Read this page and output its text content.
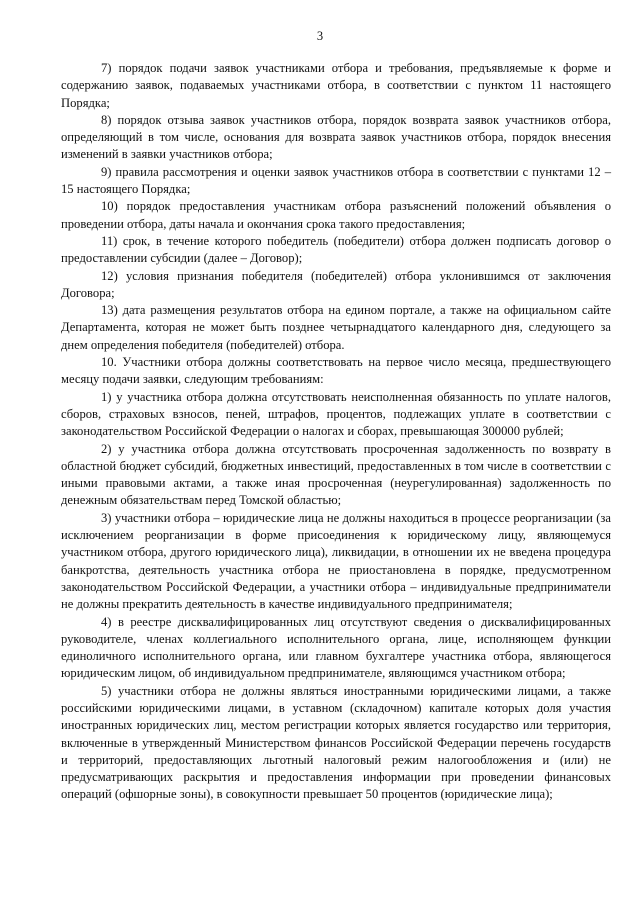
3

7) порядок подачи заявок участниками отбора и требования, предъявляемые к форме и содержанию заявок, подаваемых участниками отбора, в соответствии с пунктом 11 настоящего Порядка;

8) порядок отзыва заявок участников отбора, порядок возврата заявок участников отбора, определяющий в том числе, основания для возврата заявок участников отбора, порядок внесения изменений в заявки участников отбора;

9) правила рассмотрения и оценки заявок участников отбора в соответствии с пунктами 12 – 15 настоящего Порядка;

10) порядок предоставления участникам отбора разъяснений положений объявления о проведении отбора, даты начала и окончания срока такого предоставления;

11) срок, в течение которого победитель (победители) отбора должен подписать договор о предоставлении субсидии (далее – Договор);

12) условия признания победителя (победителей) отбора уклонившимся от заключения Договора;

13) дата размещения результатов отбора на едином портале, а также на официальном сайте Департамента, которая не может быть позднее четырнадцатого календарного дня, следующего за днем определения победителя (победителей) отбора.

10. Участники отбора должны соответствовать на первое число месяца, предшествующего месяцу подачи заявки, следующим требованиям:

1) у участника отбора должна отсутствовать неисполненная обязанность по уплате налогов, сборов, страховых взносов, пеней, штрафов, процентов, подлежащих уплате в соответствии с законодательством Российской Федерации о налогах и сборах, превышающая 300000 рублей;

2) у участника отбора должна отсутствовать просроченная задолженность по возврату в областной бюджет субсидий, бюджетных инвестиций, предоставленных в том числе в соответствии с иными правовыми актами, а также иная просроченная (неурегулированная) задолженность по денежным обязательствам перед Томской областью;

3) участники отбора – юридические лица не должны находиться в процессе реорганизации (за исключением реорганизации в форме присоединения к юридическому лицу, являющемуся участником отбора, другого юридического лица), ликвидации, в отношении их не введена процедура банкротства, деятельность участника отбора не приостановлена в порядке, предусмотренном законодательством Российской Федерации, а участники отбора – индивидуальные предприниматели не должны прекратить деятельность в качестве индивидуального предпринимателя;

4) в реестре дисквалифицированных лиц отсутствуют сведения о дисквалифицированных руководителе, членах коллегиального исполнительного органа, лице, исполняющем функции единоличного исполнительного органа, или главном бухгалтере участника отбора, являющегося юридическим лицом, об индивидуальном предпринимателе, являющимся участником отбора;

5) участники отбора не должны являться иностранными юридическими лицами, а также российскими юридическими лицами, в уставном (складочном) капитале которых доля участия иностранных юридических лиц, местом регистрации которых является государство или территория, включенные в утвержденный Министерством финансов Российской Федерации перечень государств и территорий, предоставляющих льготный налоговый режим налогообложения и (или) не предусматривающих раскрытия и предоставления информации при проведении финансовых операций (офшорные зоны), в совокупности превышает 50 процентов (юридические лица);
